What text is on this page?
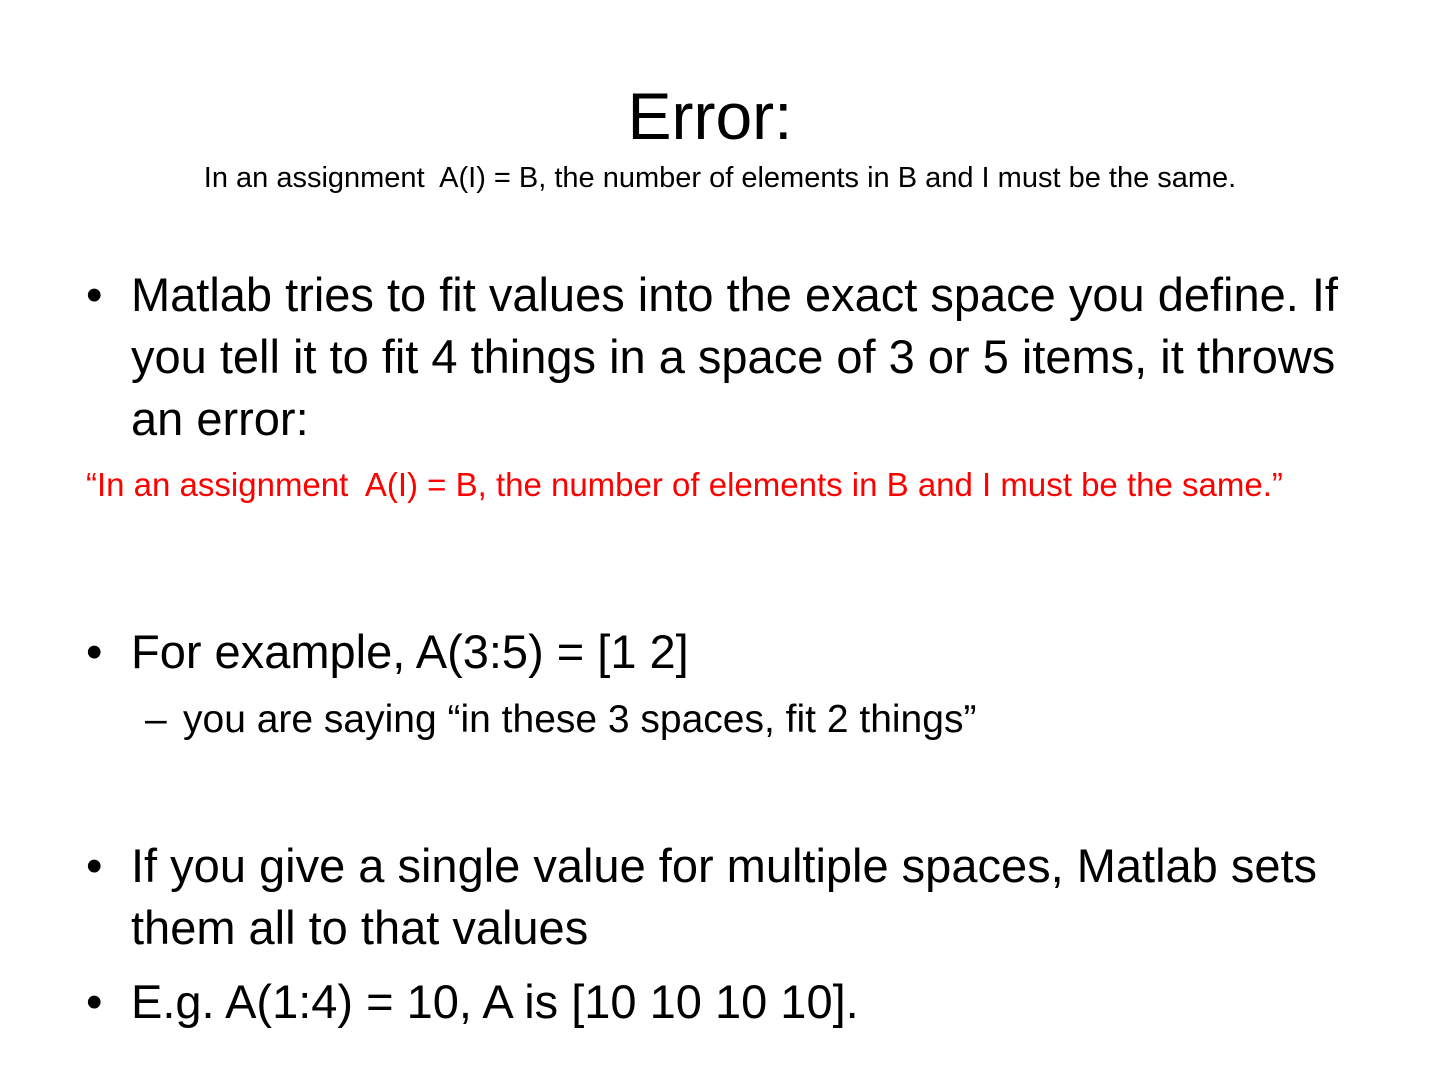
Error:
In an assignment  A(I) = B, the number of elements in B and I must be the same.
• Matlab tries to fit values into the exact space you define. If you tell it to fit 4 things in a space of 3 or 5 items, it throws an error:
“In an assignment  A(I) = B, the number of elements in B and I must be the same.”
• For example, A(3:5) = [1 2]
– you are saying “in these 3 spaces, fit 2 things”
• If you give a single value for multiple spaces, Matlab sets them all to that values
• E.g. A(1:4) = 10, A is [10 10 10 10].
